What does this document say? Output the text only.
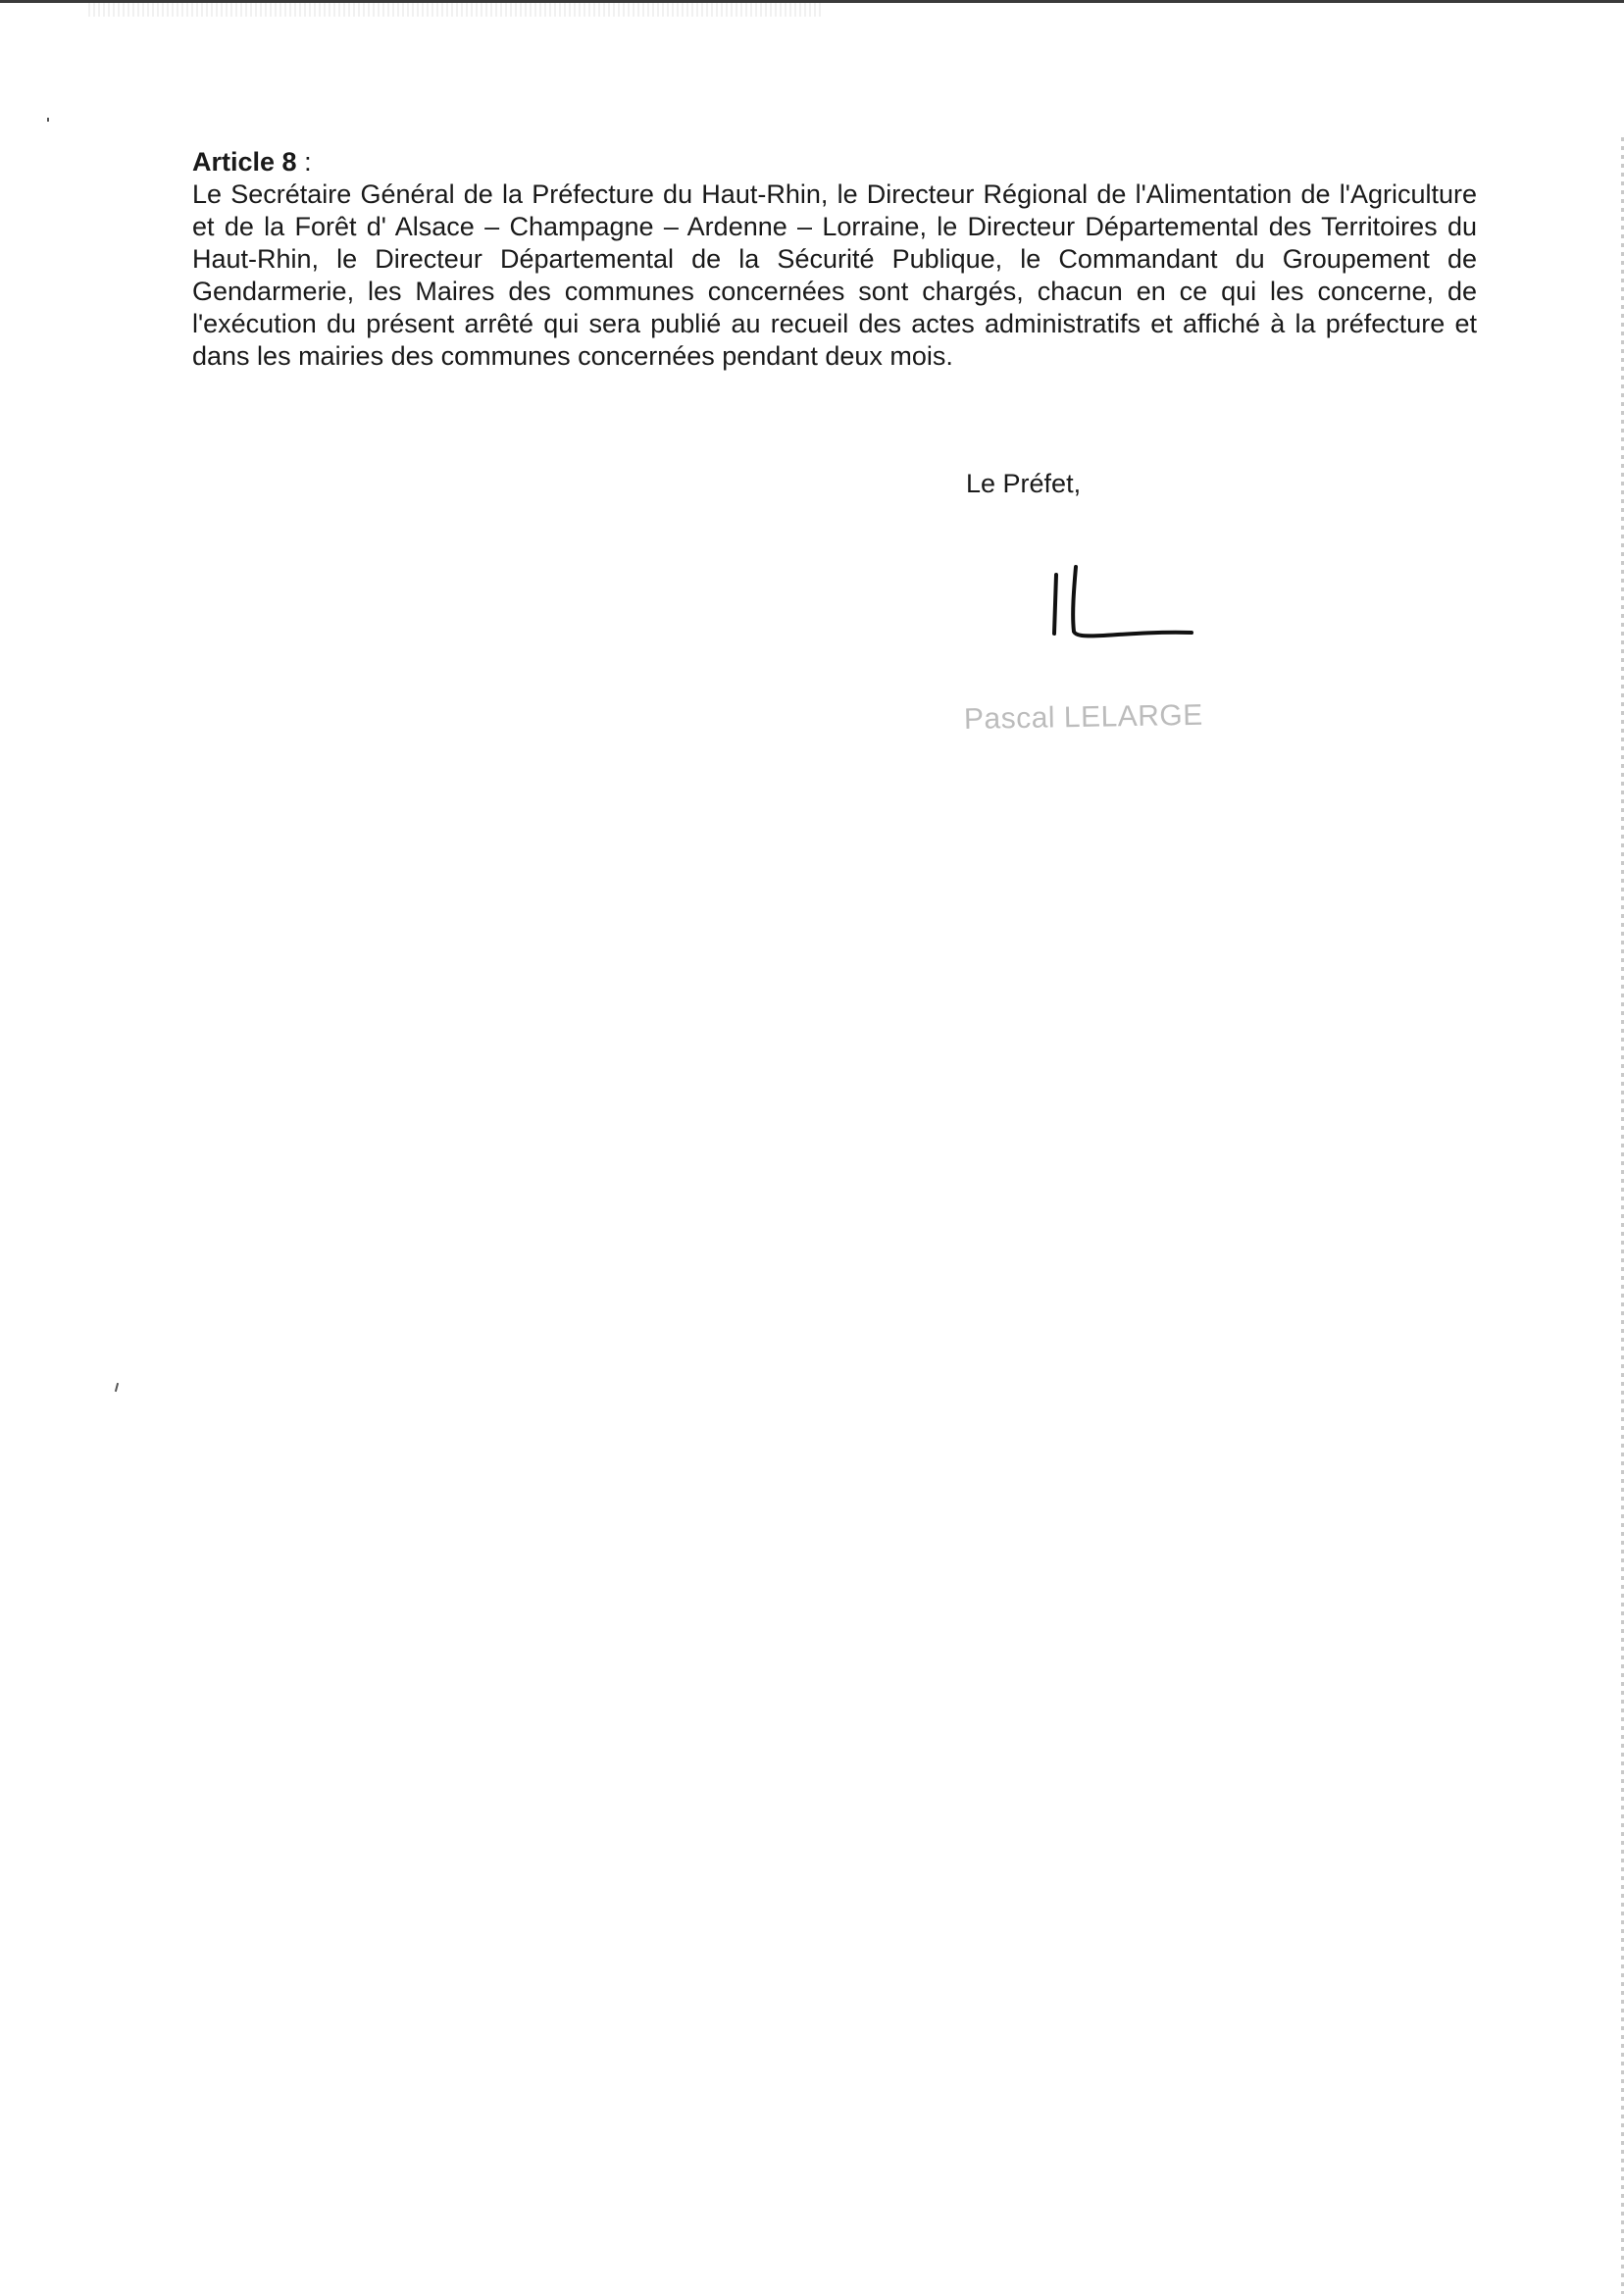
Article 8 :

Le Secrétaire Général de la Préfecture du Haut-Rhin, le Directeur Régional de l'Alimentation de l'Agriculture et de la Forêt d' Alsace – Champagne – Ardenne – Lorraine, le Directeur Départemental des Territoires du Haut-Rhin, le Directeur Départemental de la Sécurité Publique, le Commandant du Groupement de Gendarmerie, les Maires des communes concernées sont chargés, chacun en ce qui les concerne, de l'exécution du présent arrêté qui sera publié au recueil des actes administratifs et affiché à la préfecture et dans les mairies des communes concernées pendant deux mois.

Le Préfet,

Pascal LELARGE
